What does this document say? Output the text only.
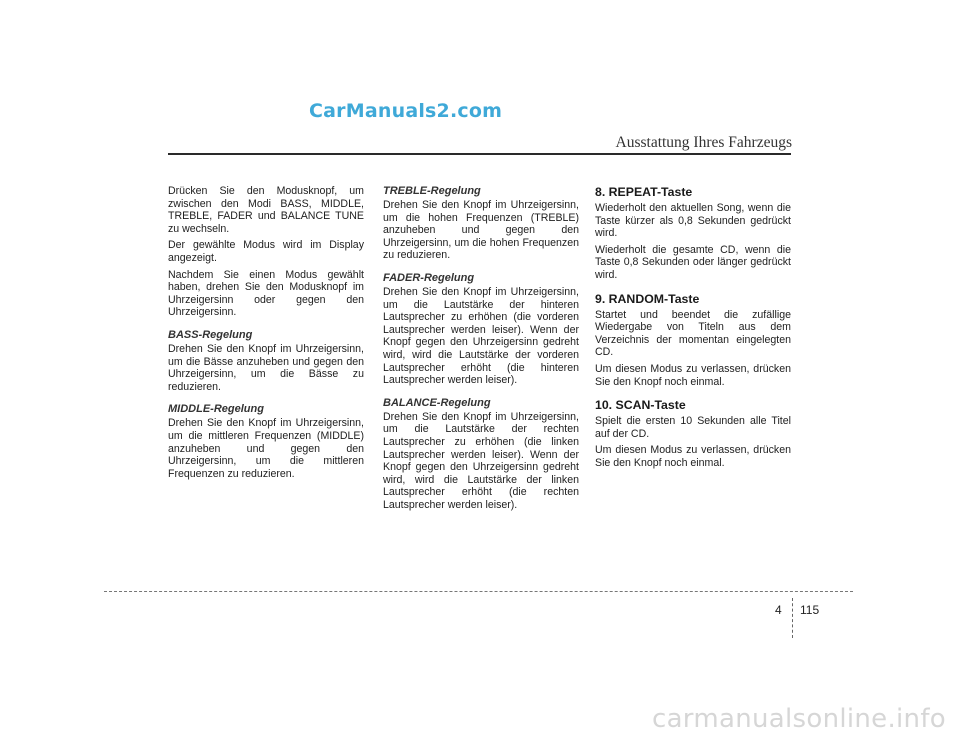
CarManuals2.com
Ausstattung Ihres Fahrzeugs

Drücken Sie den Modusknopf, um zwischen den Modi BASS, MIDDLE, TREBLE, FADER und BALANCE TUNE zu wechseln.

Der gewählte Modus wird im Display angezeigt.

Nachdem Sie einen Modus gewählt haben, drehen Sie den Modusknopf im Uhrzeigersinn oder gegen den Uhrzeigersinn.

BASS-Regelung

Drehen Sie den Knopf im Uhrzeigersinn, um die Bässe anzuheben und gegen den Uhrzeigersinn, um die Bässe zu reduzieren.

MIDDLE-Regelung

Drehen Sie den Knopf im Uhrzeigersinn, um die mittleren Frequenzen (MIDDLE) anzuheben und gegen den Uhrzeigersinn, um die mittleren Frequenzen zu reduzieren.

TREBLE-Regelung

Drehen Sie den Knopf im Uhrzeigersinn, um die hohen Frequenzen (TREBLE) anzuheben und gegen den Uhrzeigersinn, um die hohen Frequenzen zu reduzieren.

FADER-Regelung

Drehen Sie den Knopf im Uhrzeigersinn, um die Lautstärke der hinteren Lautsprecher zu erhöhen (die vorderen Lautsprecher werden leiser). Wenn der Knopf gegen den Uhrzeigersinn gedreht wird, wird die Lautstärke der vorderen Lautsprecher erhöht (die hinteren Lautsprecher werden leiser).

BALANCE-Regelung

Drehen Sie den Knopf im Uhrzeigersinn, um die Lautstärke der rechten Lautsprecher zu erhöhen (die linken Lautsprecher werden leiser). Wenn der Knopf gegen den Uhrzeigersinn gedreht wird, wird die Lautstärke der linken Lautsprecher erhöht (die rechten Lautsprecher werden leiser).

8. REPEAT-Taste

Wiederholt den aktuellen Song, wenn die Taste kürzer als 0,8 Sekunden gedrückt wird.

Wiederholt die gesamte CD, wenn die Taste 0,8 Sekunden oder länger gedrückt wird.

9. RANDOM-Taste

Startet und beendet die zufällige Wiedergabe von Titeln aus dem Verzeichnis der momentan eingelegten CD.

Um diesen Modus zu verlassen, drücken Sie den Knopf noch einmal.

10. SCAN-Taste

Spielt die ersten 10 Sekunden alle Titel auf der CD.

Um diesen Modus zu verlassen, drücken Sie den Knopf noch einmal.

4 115
carmanualsonline.info
